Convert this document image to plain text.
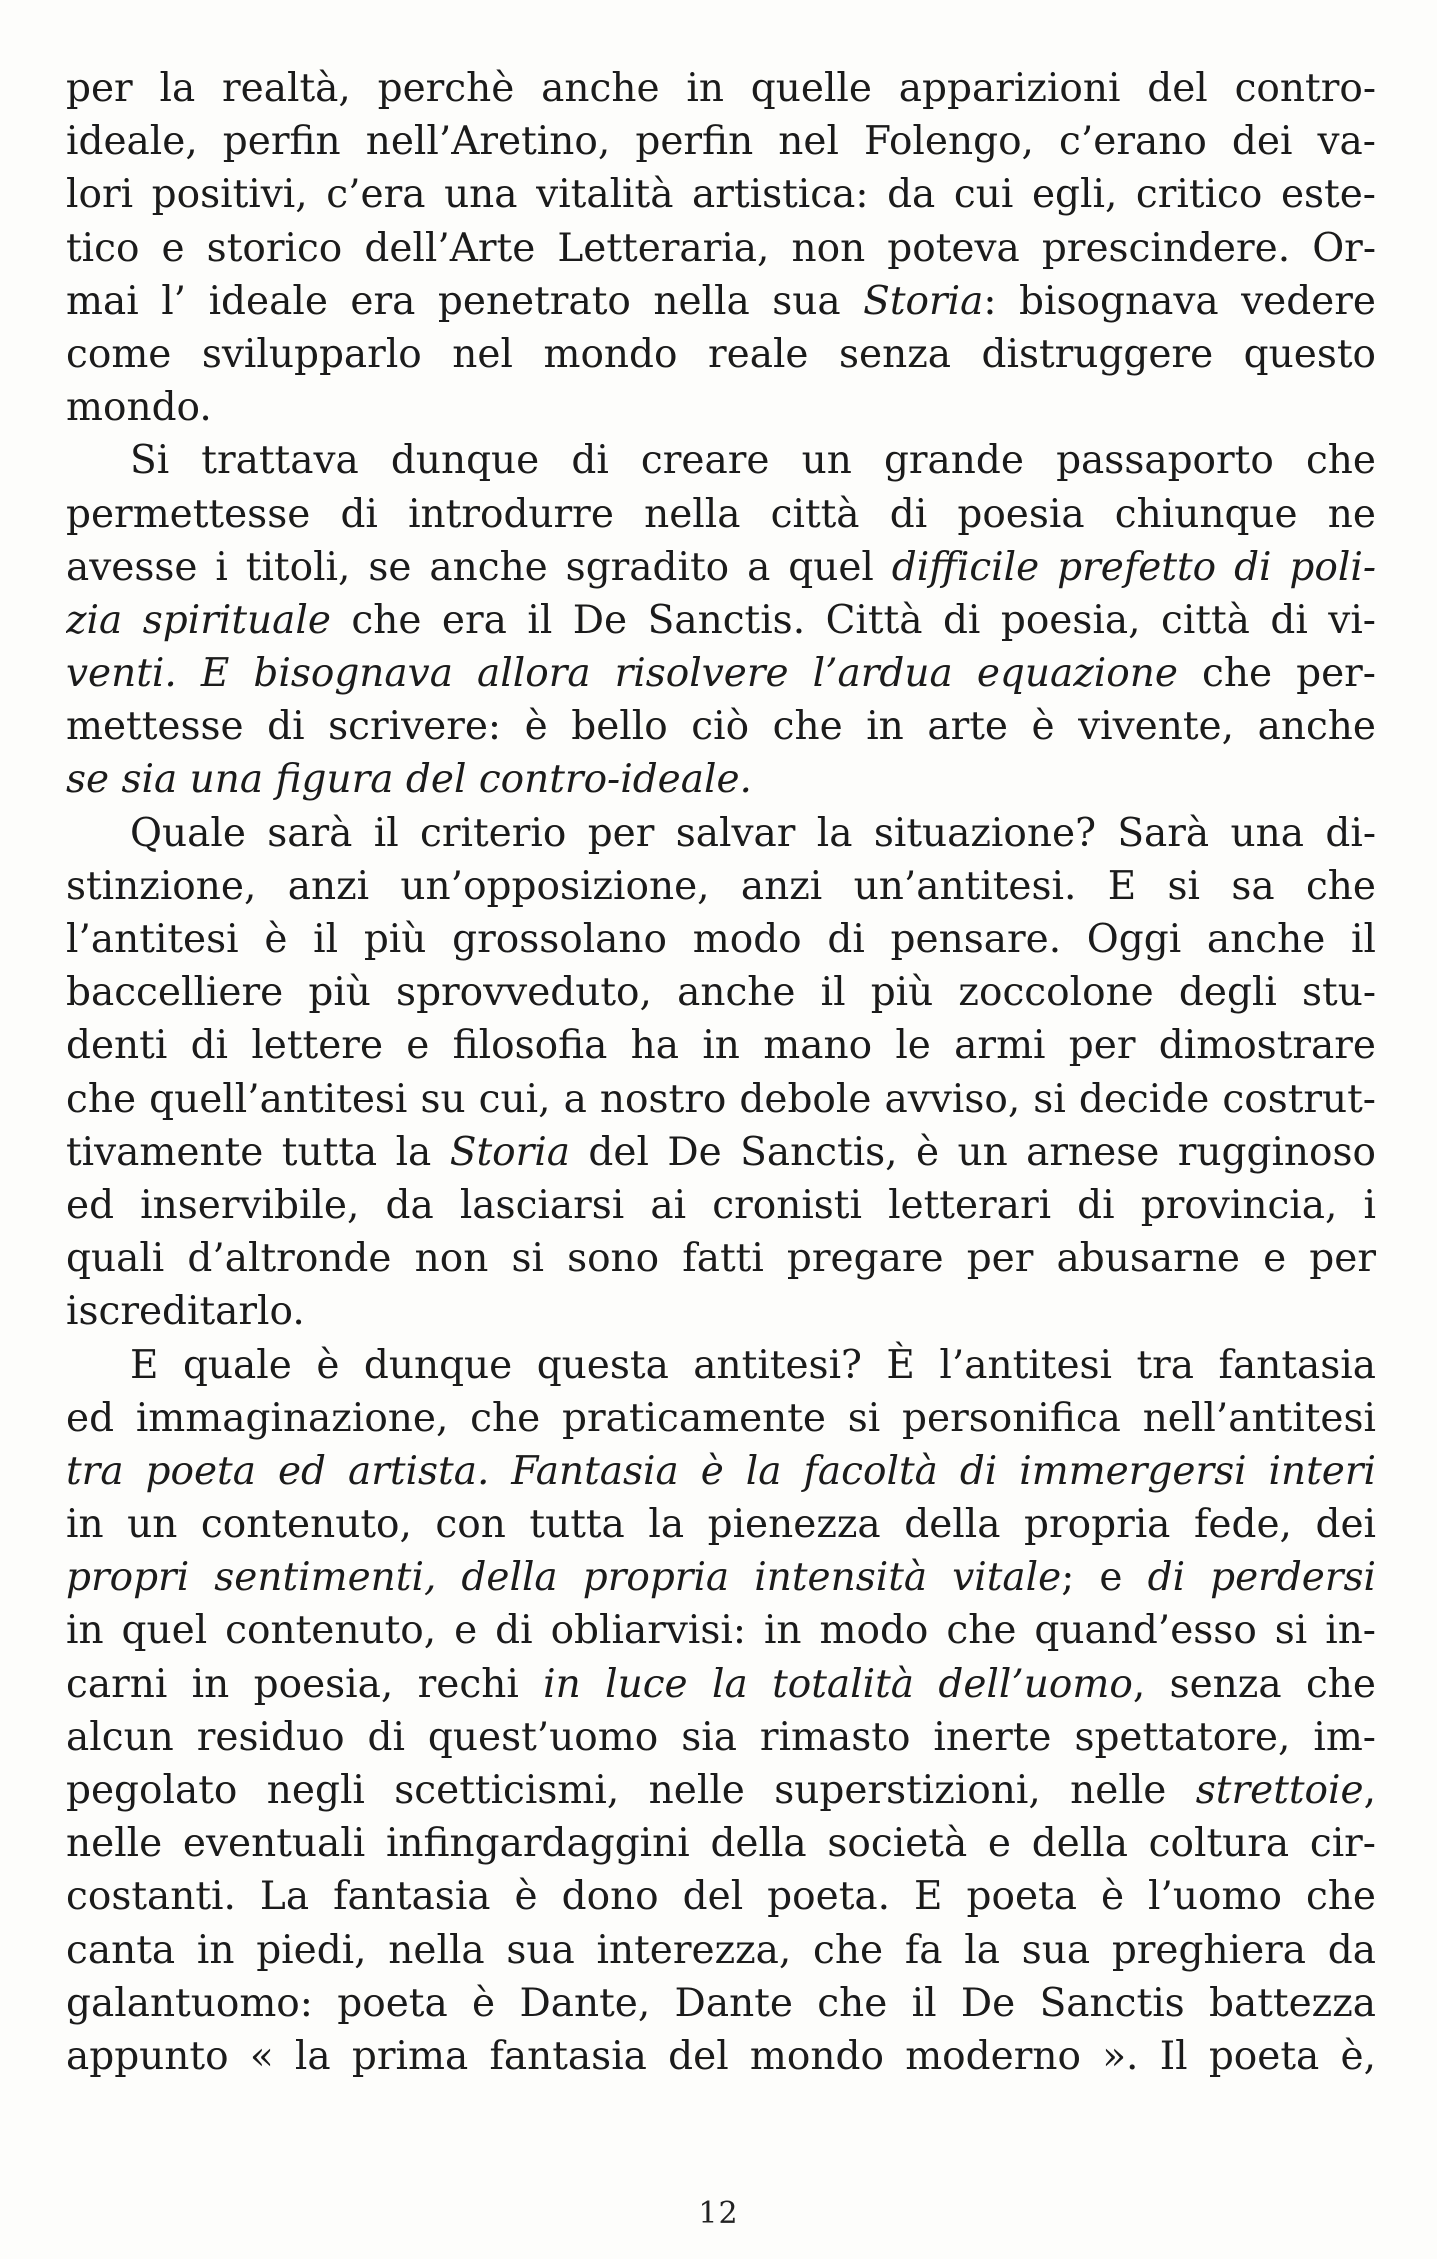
per la realtà, perchè anche in quelle apparizioni del contro-
ideale, perfin nell’Aretino, perfin nel Folengo, c’erano dei va-
lori positivi, c’era una vitalità artistica: da cui egli, critico este-
tico e storico dell’Arte Letteraria, non poteva prescindere. Or-
mai l’ ideale era penetrato nella sua Storia: bisognava vedere
come svilupparlo nel mondo reale senza distruggere questo
mondo.
Si trattava dunque di creare un grande passaporto che
permettesse di introdurre nella città di poesia chiunque ne
avesse i titoli, se anche sgradito a quel difficile prefetto di poli-
zia spirituale che era il De Sanctis. Città di poesia, città di vi-
venti. E bisognava allora risolvere l’ardua equazione che per-
mettesse di scrivere: è bello ciò che in arte è vivente, anche
se sia una figura del contro-ideale.
Quale sarà il criterio per salvar la situazione? Sarà una di-
stinzione, anzi un’opposizione, anzi un’antitesi. E si sa che
l’antitesi è il più grossolano modo di pensare. Oggi anche il
baccelliere più sprovveduto, anche il più zoccolone degli stu-
denti di lettere e filosofia ha in mano le armi per dimostrare
che quell’antitesi su cui, a nostro debole avviso, si decide costrut-
tivamente tutta la Storia del De Sanctis, è un arnese rugginoso
ed inservibile, da lasciarsi ai cronisti letterari di provincia, i
quali d’altronde non si sono fatti pregare per abusarne e per
iscreditarlo.
E quale è dunque questa antitesi? È l’antitesi tra fantasia
ed immaginazione, che praticamente si personifica nell’antitesi
tra poeta ed artista. Fantasia è la facoltà di immergersi interi
in un contenuto, con tutta la pienezza della propria fede, dei
propri sentimenti, della propria intensità vitale; e di perdersi
in quel contenuto, e di obliarvisi: in modo che quand’esso si in-
carni in poesia, rechi in luce la totalità dell’uomo, senza che
alcun residuo di quest’uomo sia rimasto inerte spettatore, im-
pegolato negli scetticismi, nelle superstizioni, nelle strettoie,
nelle eventuali infingardaggini della società e della coltura cir-
costanti. La fantasia è dono del poeta. E poeta è l’uomo che
canta in piedi, nella sua interezza, che fa la sua preghiera da
galantuomo: poeta è Dante, Dante che il De Sanctis battezza
appunto « la prima fantasia del mondo moderno ». Il poeta è,
12
